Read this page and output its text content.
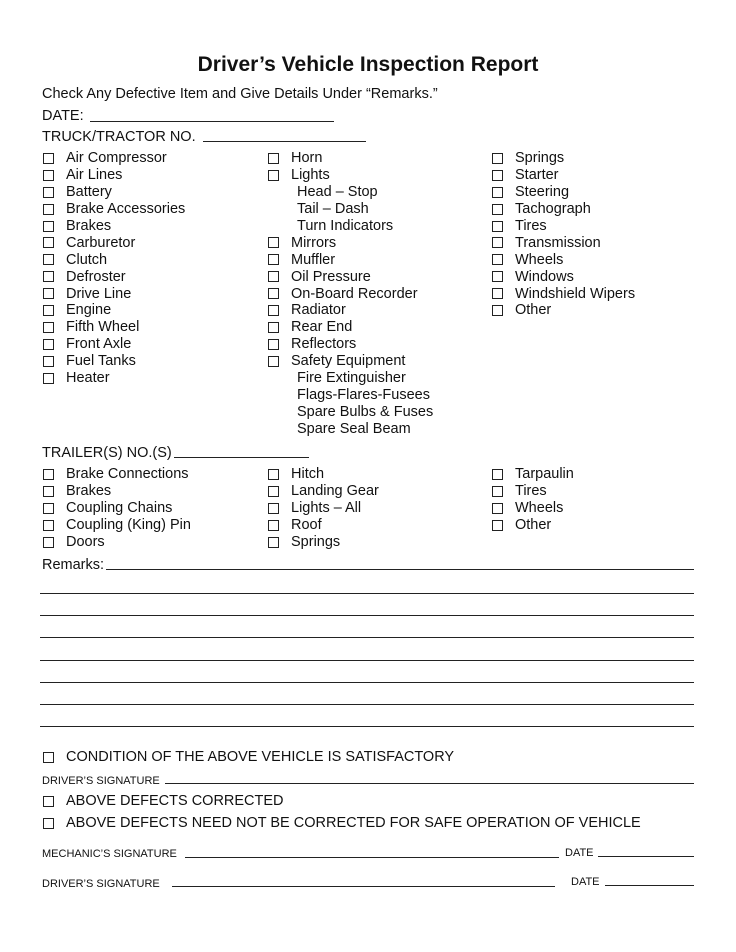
Driver’s Vehicle Inspection Report
Check Any Defective Item and Give Details Under “Remarks.”
DATE:
TRUCK/TRACTOR NO.
Air Compressor
Air Lines
Battery
Brake Accessories
Brakes
Carburetor
Clutch
Defroster
Drive Line
Engine
Fifth Wheel
Front Axle
Fuel Tanks
Heater
Horn
Lights
Head – Stop
Tail – Dash
Turn Indicators
Mirrors
Muffler
Oil Pressure
On-Board Recorder
Radiator
Rear End
Reflectors
Safety Equipment
Fire Extinguisher
Flags-Flares-Fusees
Spare Bulbs & Fuses
Spare Seal Beam
Springs
Starter
Steering
Tachograph
Tires
Transmission
Wheels
Windows
Windshield Wipers
Other
TRAILER(S) NO.(S)
Brake Connections
Brakes
Coupling Chains
Coupling (King) Pin
Doors
Hitch
Landing Gear
Lights – All
Roof
Springs
Tarpaulin
Tires
Wheels
Other
Remarks:
CONDITION OF THE ABOVE VEHICLE IS SATISFACTORY
DRIVER’S SIGNATURE
ABOVE DEFECTS CORRECTED
ABOVE DEFECTS NEED NOT BE CORRECTED FOR SAFE OPERATION OF VEHICLE
MECHANIC’S SIGNATURE	DATE
DRIVER’S SIGNATURE	DATE
